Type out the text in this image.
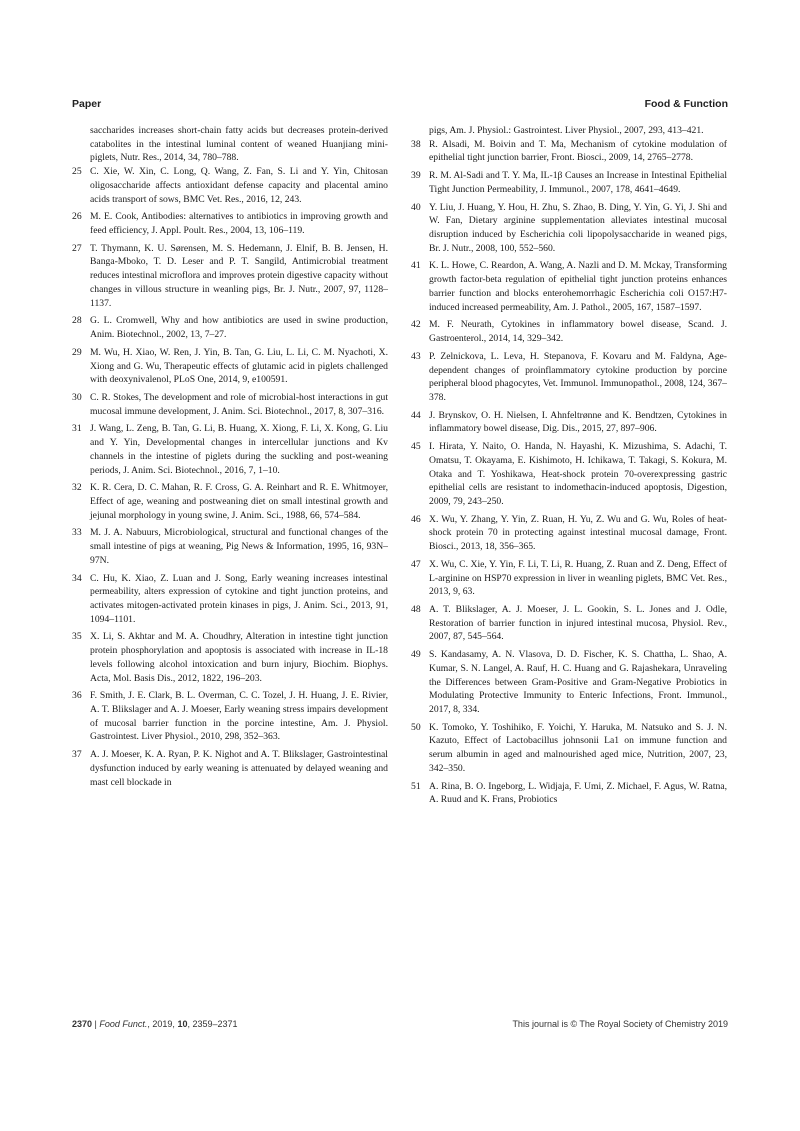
Paper	Food & Function
saccharides increases short-chain fatty acids but decreases protein-derived catabolites in the intestinal luminal content of weaned Huanjiang mini-piglets, Nutr. Res., 2014, 34, 780–788.
25 C. Xie, W. Xin, C. Long, Q. Wang, Z. Fan, S. Li and Y. Yin, Chitosan oligosaccharide affects antioxidant defense capacity and placental amino acids transport of sows, BMC Vet. Res., 2016, 12, 243.
26 M. E. Cook, Antibodies: alternatives to antibiotics in improving growth and feed efficiency, J. Appl. Poult. Res., 2004, 13, 106–119.
27 T. Thymann, K. U. Sørensen, M. S. Hedemann, J. Elnif, B. B. Jensen, H. Banga-Mboko, T. D. Leser and P. T. Sangild, Antimicrobial treatment reduces intestinal microflora and improves protein digestive capacity without changes in villous structure in weanling pigs, Br. J. Nutr., 2007, 97, 1128–1137.
28 G. L. Cromwell, Why and how antibiotics are used in swine production, Anim. Biotechnol., 2002, 13, 7–27.
29 M. Wu, H. Xiao, W. Ren, J. Yin, B. Tan, G. Liu, L. Li, C. M. Nyachoti, X. Xiong and G. Wu, Therapeutic effects of glutamic acid in piglets challenged with deoxynivalenol, PLoS One, 2014, 9, e100591.
30 C. R. Stokes, The development and role of microbial-host interactions in gut mucosal immune development, J. Anim. Sci. Biotechnol., 2017, 8, 307–316.
31 J. Wang, L. Zeng, B. Tan, G. Li, B. Huang, X. Xiong, F. Li, X. Kong, G. Liu and Y. Yin, Developmental changes in intercellular junctions and Kv channels in the intestine of piglets during the suckling and post-weaning periods, J. Anim. Sci. Biotechnol., 2016, 7, 1–10.
32 K. R. Cera, D. C. Mahan, R. F. Cross, G. A. Reinhart and R. E. Whitmoyer, Effect of age, weaning and postweaning diet on small intestinal growth and jejunal morphology in young swine, J. Anim. Sci., 1988, 66, 574–584.
33 M. J. A. Nabuurs, Microbiological, structural and functional changes of the small intestine of pigs at weaning, Pig News & Information, 1995, 16, 93N–97N.
34 C. Hu, K. Xiao, Z. Luan and J. Song, Early weaning increases intestinal permeability, alters expression of cytokine and tight junction proteins, and activates mitogen-activated protein kinases in pigs, J. Anim. Sci., 2013, 91, 1094–1101.
35 X. Li, S. Akhtar and M. A. Choudhry, Alteration in intestine tight junction protein phosphorylation and apoptosis is associated with increase in IL-18 levels following alcohol intoxication and burn injury, Biochim. Biophys. Acta, Mol. Basis Dis., 2012, 1822, 196–203.
36 F. Smith, J. E. Clark, B. L. Overman, C. C. Tozel, J. H. Huang, J. E. Rivier, A. T. Blikslager and A. J. Moeser, Early weaning stress impairs development of mucosal barrier function in the porcine intestine, Am. J. Physiol. Gastrointest. Liver Physiol., 2010, 298, 352–363.
37 A. J. Moeser, K. A. Ryan, P. K. Nighot and A. T. Blikslager, Gastrointestinal dysfunction induced by early weaning is attenuated by delayed weaning and mast cell blockade in
pigs, Am. J. Physiol.: Gastrointest. Liver Physiol., 2007, 293, 413–421.
38 R. Alsadi, M. Boivin and T. Ma, Mechanism of cytokine modulation of epithelial tight junction barrier, Front. Biosci., 2009, 14, 2765–2778.
39 R. M. Al-Sadi and T. Y. Ma, IL-1β Causes an Increase in Intestinal Epithelial Tight Junction Permeability, J. Immunol., 2007, 178, 4641–4649.
40 Y. Liu, J. Huang, Y. Hou, H. Zhu, S. Zhao, B. Ding, Y. Yin, G. Yi, J. Shi and W. Fan, Dietary arginine supplementation alleviates intestinal mucosal disruption induced by Escherichia coli lipopolysaccharide in weaned pigs, Br. J. Nutr., 2008, 100, 552–560.
41 K. L. Howe, C. Reardon, A. Wang, A. Nazli and D. M. Mckay, Transforming growth factor-beta regulation of epithelial tight junction proteins enhances barrier function and blocks enterohemorrhagic Escherichia coli O157:H7-induced increased permeability, Am. J. Pathol., 2005, 167, 1587–1597.
42 M. F. Neurath, Cytokines in inflammatory bowel disease, Scand. J. Gastroenterol., 2014, 14, 329–342.
43 P. Zelnickova, L. Leva, H. Stepanova, F. Kovaru and M. Faldyna, Age-dependent changes of proinflammatory cytokine production by porcine peripheral blood phagocytes, Vet. Immunol. Immunopathol., 2008, 124, 367–378.
44 J. Brynskov, O. H. Nielsen, I. Ahnfeltrønne and K. Bendtzen, Cytokines in inflammatory bowel disease, Dig. Dis., 2015, 27, 897–906.
45 I. Hirata, Y. Naito, O. Handa, N. Hayashi, K. Mizushima, S. Adachi, T. Omatsu, T. Okayama, E. Kishimoto, H. Ichikawa, T. Takagi, S. Kokura, M. Otaka and T. Yoshikawa, Heat-shock protein 70-overexpressing gastric epithelial cells are resistant to indomethacin-induced apoptosis, Digestion, 2009, 79, 243–250.
46 X. Wu, Y. Zhang, Y. Yin, Z. Ruan, H. Yu, Z. Wu and G. Wu, Roles of heat-shock protein 70 in protecting against intestinal mucosal damage, Front. Biosci., 2013, 18, 356–365.
47 X. Wu, C. Xie, Y. Yin, F. Li, T. Li, R. Huang, Z. Ruan and Z. Deng, Effect of L-arginine on HSP70 expression in liver in weanling piglets, BMC Vet. Res., 2013, 9, 63.
48 A. T. Blikslager, A. J. Moeser, J. L. Gookin, S. L. Jones and J. Odle, Restoration of barrier function in injured intestinal mucosa, Physiol. Rev., 2007, 87, 545–564.
49 S. Kandasamy, A. N. Vlasova, D. D. Fischer, K. S. Chattha, L. Shao, A. Kumar, S. N. Langel, A. Rauf, H. C. Huang and G. Rajashekara, Unraveling the Differences between Gram-Positive and Gram-Negative Probiotics in Modulating Protective Immunity to Enteric Infections, Front. Immunol., 2017, 8, 334.
50 K. Tomoko, Y. Toshihiko, F. Yoichi, Y. Haruka, M. Natsuko and S. J. N. Kazuto, Effect of Lactobacillus johnsonii La1 on immune function and serum albumin in aged and malnourished aged mice, Nutrition, 2007, 23, 342–350.
51 A. Rina, B. O. Ingeborg, L. Widjaja, F. Umi, Z. Michael, F. Agus, W. Ratna, A. Ruud and K. Frans, Probiotics
2370 | Food Funct., 2019, 10, 2359–2371	This journal is © The Royal Society of Chemistry 2019
